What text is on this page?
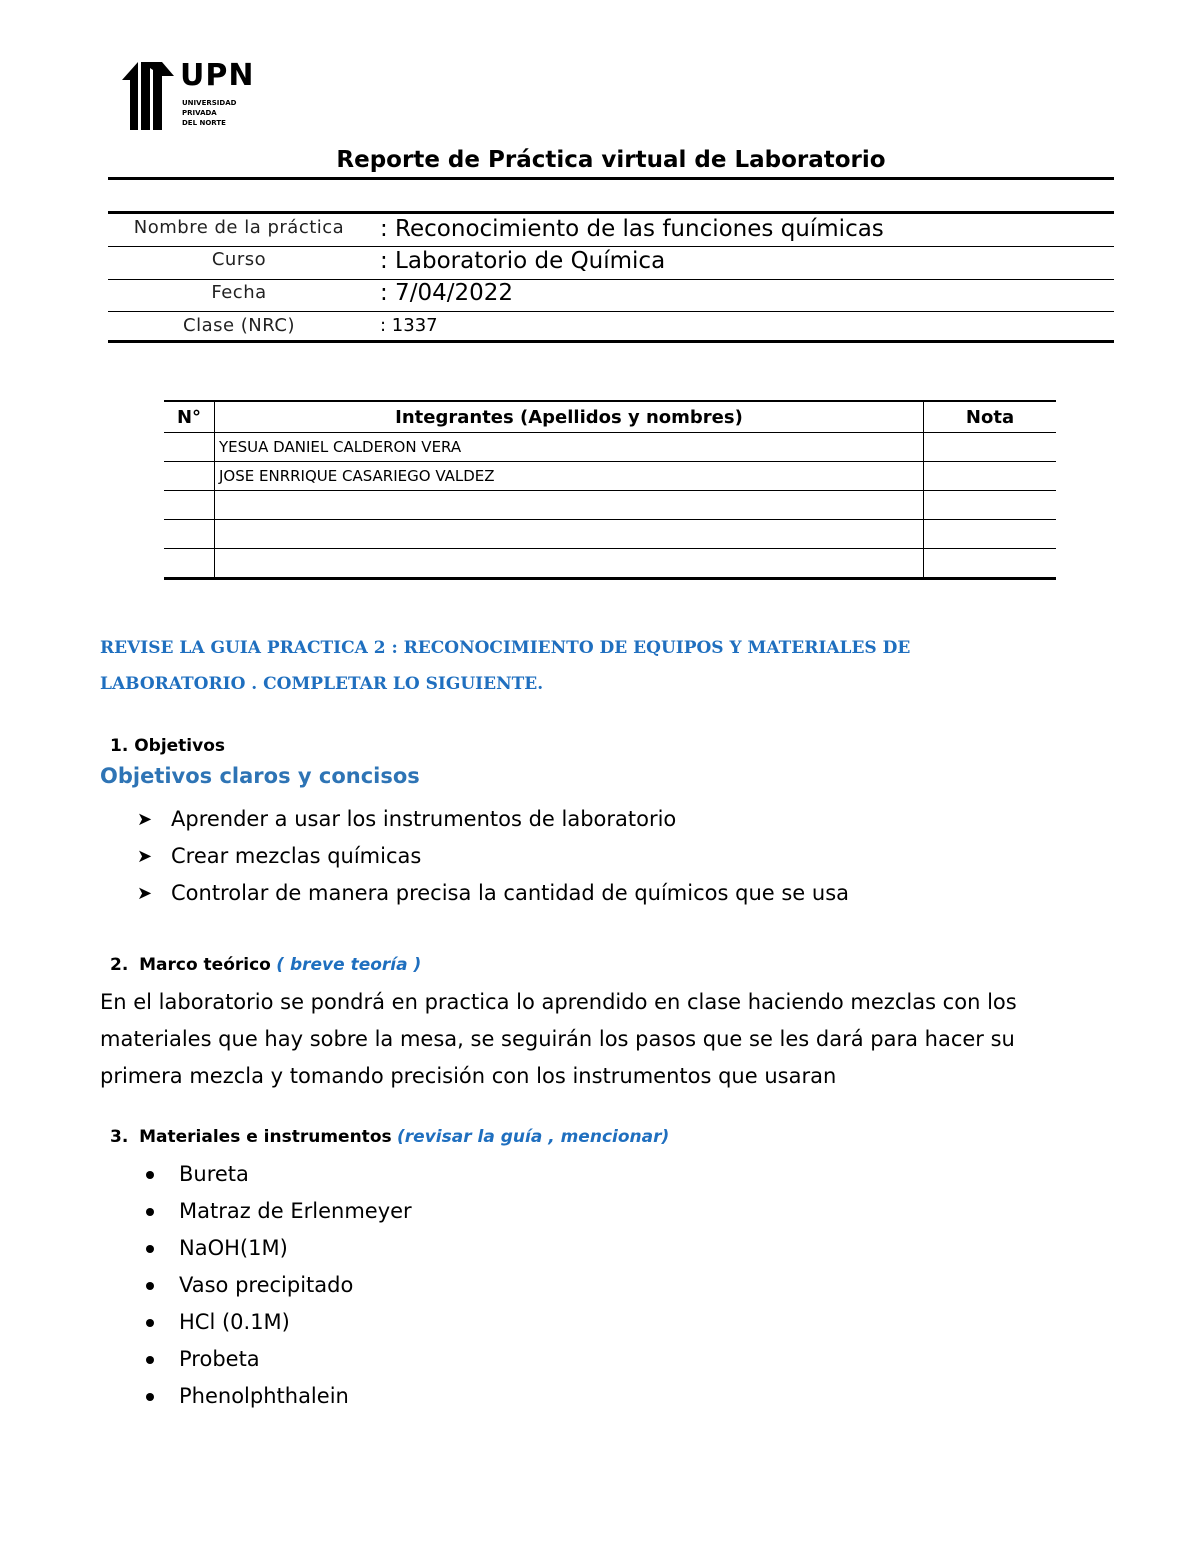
UPN
UNIVERSIDAD
PRIVADA
DEL NORTE
Reporte de Práctica virtual de Laboratorio
Nombre de la práctica	: Reconocimiento de las funciones químicas
Curso	: Laboratorio de Química
Fecha	: 7/04/2022
Clase (NRC)	: 1337
N°	Integrantes (Apellidos y nombres)	Nota
	YESUA DANIEL CALDERON VERA	
	JOSE ENRRIQUE CASARIEGO VALDEZ	

REVISE LA GUIA PRACTICA 2 : RECONOCIMIENTO DE EQUIPOS Y MATERIALES DE LABORATORIO . COMPLETAR LO SIGUIENTE.
1. Objetivos
Objetivos claros y concisos
➤ Aprender a usar los instrumentos de laboratorio
➤ Crear mezclas químicas
➤ Controlar de manera precisa la cantidad de químicos que se usa
2. Marco teórico ( breve teoría )
En el laboratorio se pondrá en practica lo aprendido en clase haciendo mezclas con los materiales que hay sobre la mesa, se seguirán los pasos que se les dará para hacer su primera mezcla y tomando precisión con los instrumentos que usaran
3. Materiales e instrumentos (revisar la guía , mencionar)
Bureta
Matraz de Erlenmeyer
NaOH(1M)
Vaso precipitado
HCl (0.1M)
Probeta
Phenolphthalein
